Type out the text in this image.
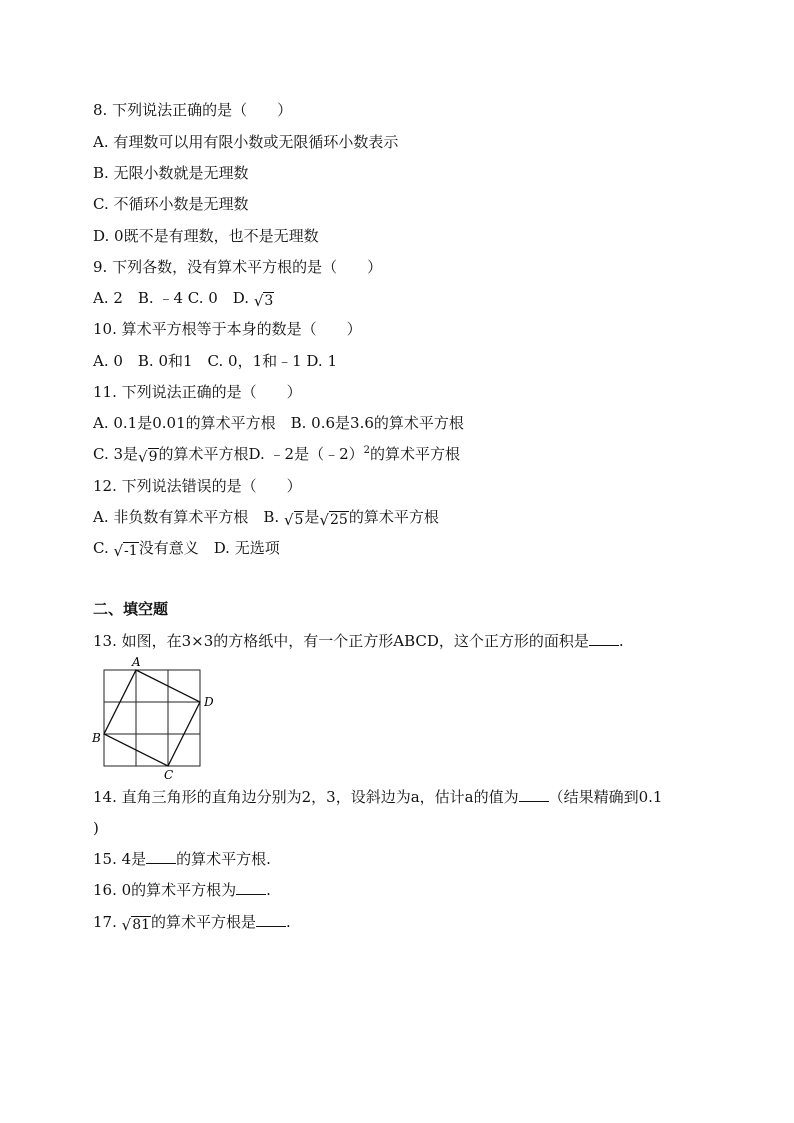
8. 下列说法正确的是（　　）
A. 有理数可以用有限小数或无限循环小数表示
B. 无限小数就是无理数
C. 不循环小数是无理数
D. 0既不是有理数，也不是无理数
9. 下列各数，没有算术平方根的是（　　）
A. 2　B. ﹣4 C. 0　D. √ 3
10. 算术平方根等于本身的数是（　　）
A. 0　B. 0和1　C. 0，1和﹣1 D. 1
11. 下列说法正确的是（　　）
A. 0.1是0.01的算术平方根　B. 0.6是3.6的算术平方根
C. 3是 √ 9 的算术平方根D. ﹣2是（﹣2）$^2$的算术平方根
12. 下列说法错误的是（　　）
A. 非负数有算术平方根　B. √ 5 是 √ 25 的算术平方根
C. √ -1 没有意义　D. 无选项
二、填空题
13. 如图，在3×3的方格纸中，有一个正方形ABCD，这个正方形的面积是 .
A
D
B
C
14. 直角三角形的直角边分别为2，3，设斜边为a，估计a的值为 （结果精确到0.1
)
15. 4是 的算术平方根.
16. 0的算术平方根为 .
17. √ 81 的算术平方根是 .
